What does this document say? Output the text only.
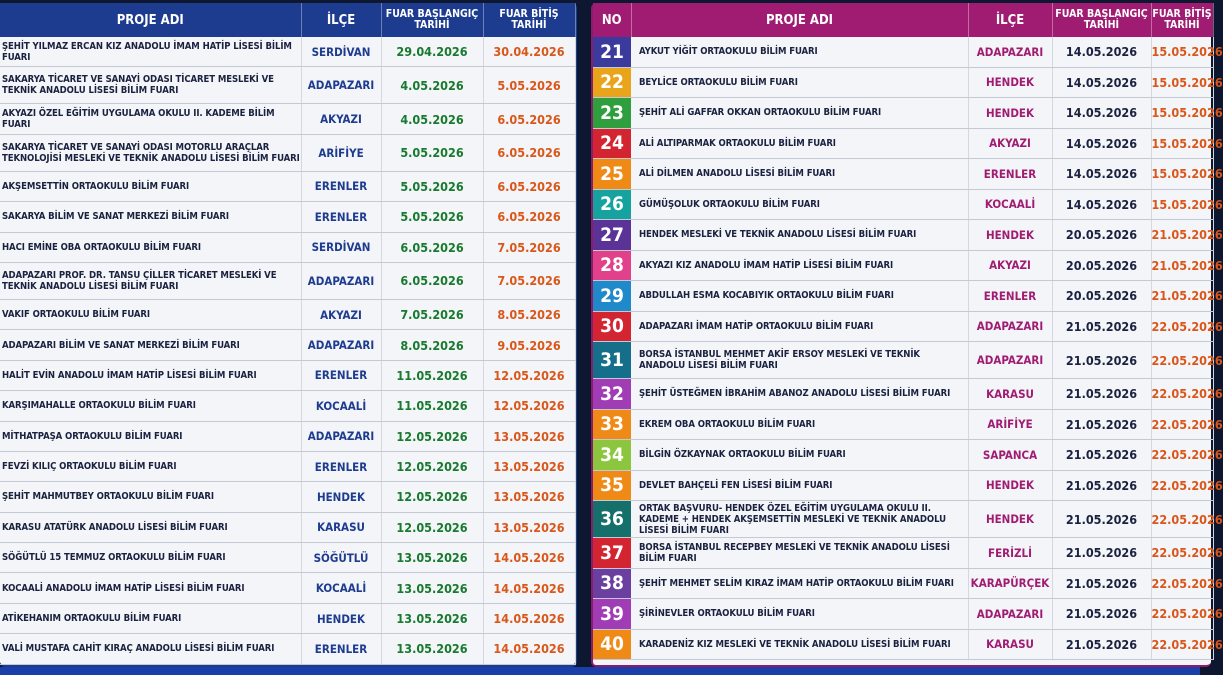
PROJE ADI	İLÇE	FUAR BAŞLANGIÇ TARİHİ	FUAR BİTİŞ TARİHİ
ŞEHİT YILMAZ ERCAN KIZ ANADOLU İMAM HATİP LİSESİ BİLİM FUARI	SERDİVAN	29.04.2026	30.04.2026
SAKARYA TİCARET VE SANAYİ ODASI TİCARET MESLEKİ VE TEKNİK ANADOLU LİSESİ BİLİM FUARI	ADAPAZARI	4.05.2026	5.05.2026
AKYAZI ÖZEL EĞİTİM UYGULAMA OKULU II. KADEME BİLİM FUARI	AKYAZI	4.05.2026	6.05.2026
SAKARYA TİCARET VE SANAYİ ODASI MOTORLU ARAÇLAR TEKNOLOJİSİ MESLEKİ VE TEKNİK ANADOLU LİSESİ BİLİM FUARI	ARİFİYE	5.05.2026	6.05.2026
AKŞEMSETTİN ORTAOKULU BİLİM FUARI	ERENLER	5.05.2026	6.05.2026
SAKARYA BİLİM VE SANAT MERKEZİ BİLİM FUARI	ERENLER	5.05.2026	6.05.2026
HACI EMİNE OBA ORTAOKULU BİLİM FUARI	SERDİVAN	6.05.2026	7.05.2026
ADAPAZARI PROF. DR. TANSU ÇİLLER TİCARET MESLEKİ VE TEKNİK ANADOLU LİSESİ BİLİM FUARI	ADAPAZARI	6.05.2026	7.05.2026
VAKIF ORTAOKULU BİLİM FUARI	AKYAZI	7.05.2026	8.05.2026
ADAPAZARI BİLİM VE SANAT MERKEZİ BİLİM FUARI	ADAPAZARI	8.05.2026	9.05.2026
HALİT EVİN ANADOLU İMAM HATİP LİSESİ BİLİM FUARI	ERENLER	11.05.2026	12.05.2026
KARŞIMAHALLE ORTAOKULU BİLİM FUARI	KOCAALİ	11.05.2026	12.05.2026
MİTHATPAŞA ORTAOKULU BİLİM FUARI	ADAPAZARI	12.05.2026	13.05.2026
FEVZİ KILIÇ ORTAOKULU BİLİM FUARI	ERENLER	12.05.2026	13.05.2026
ŞEHİT MAHMUTBEY ORTAOKULU BİLİM FUARI	HENDEK	12.05.2026	13.05.2026
KARASU ATATÜRK ANADOLU LİSESİ BİLİM FUARI	KARASU	12.05.2026	13.05.2026
SÖĞÜTLÜ 15 TEMMUZ ORTAOKULU BİLİM FUARI	SÖĞÜTLÜ	13.05.2026	14.05.2026
KOCAALİ ANADOLU İMAM HATİP LİSESİ BİLİM FUARI	KOCAALİ	13.05.2026	14.05.2026
ATİKEHANIM ORTAOKULU BİLİM FUARI	HENDEK	13.05.2026	14.05.2026
VALİ MUSTAFA CAHİT KIRAÇ ANADOLU LİSESİ BİLİM FUARI	ERENLER	13.05.2026	14.05.2026
NO	PROJE ADI	İLÇE	FUAR BAŞLANGIÇ TARİHİ	FUAR BİTİŞ TARİHİ
21	AYKUT YİĞİT ORTAOKULU BİLİM FUARI	ADAPAZARI	14.05.2026	15.05.2026
22	BEYLİCE ORTAOKULU BİLİM FUARI	HENDEK	14.05.2026	15.05.2026
23	ŞEHİT ALİ GAFFAR OKKAN ORTAOKULU BİLİM FUARI	HENDEK	14.05.2026	15.05.2026
24	ALİ ALTIPARMAK ORTAOKULU BİLİM FUARI	AKYAZI	14.05.2026	15.05.2026
25	ALİ DİLMEN ANADOLU LİSESİ BİLİM FUARI	ERENLER	14.05.2026	15.05.2026
26	GÜMÜŞOLUK ORTAOKULU BİLİM FUARI	KOCAALİ	14.05.2026	15.05.2026
27	HENDEK MESLEKİ VE TEKNİK ANADOLU LİSESİ BİLİM FUARI	HENDEK	20.05.2026	21.05.2026
28	AKYAZI KIZ ANADOLU İMAM HATİP LİSESİ BİLİM FUARI	AKYAZI	20.05.2026	21.05.2026
29	ABDULLAH ESMA KOCABIYIK ORTAOKULU BİLİM FUARI	ERENLER	20.05.2026	21.05.2026
30	ADAPAZARI İMAM HATİP ORTAOKULU BİLİM FUARI	ADAPAZARI	21.05.2026	22.05.2026
31	BORSA İSTANBUL MEHMET AKİF ERSOY MESLEKİ VE TEKNİK ANADOLU LİSESİ BİLİM FUARI	ADAPAZARI	21.05.2026	22.05.2026
32	ŞEHİT ÜSTEĞMEN İBRAHİM ABANOZ ANADOLU LİSESİ BİLİM FUARI	KARASU	21.05.2026	22.05.2026
33	EKREM OBA ORTAOKULU BİLİM FUARI	ARİFİYE	21.05.2026	22.05.2026
34	BİLGİN ÖZKAYNAK ORTAOKULU BİLİM FUARI	SAPANCA	21.05.2026	22.05.2026
35	DEVLET BAHÇELİ FEN LİSESİ BİLİM FUARI	HENDEK	21.05.2026	22.05.2026
36	ORTAK BAŞVURU- HENDEK ÖZEL EĞİTİM UYGULAMA OKULU II. KADEME + HENDEK AKŞEMSETTİN MESLEKİ VE TEKNİK ANADOLU LİSESİ BİLİM FUARI	HENDEK	21.05.2026	22.05.2026
37	BORSA İSTANBUL RECEPBEY MESLEKİ VE TEKNİK ANADOLU LİSESİ BİLİM FUARI	FERİZLİ	21.05.2026	22.05.2026
38	ŞEHİT MEHMET SELİM KIRAZ İMAM HATİP ORTAOKULU BİLİM FUARI	KARAPÜRÇEK	21.05.2026	22.05.2026
39	ŞİRİNEVLER ORTAOKULU BİLİM FUARI	ADAPAZARI	21.05.2026	22.05.2026
40	KARADENİZ KIZ MESLEKİ VE TEKNİK ANADOLU LİSESİ BİLİM FUARI	KARASU	21.05.2026	22.05.2026
